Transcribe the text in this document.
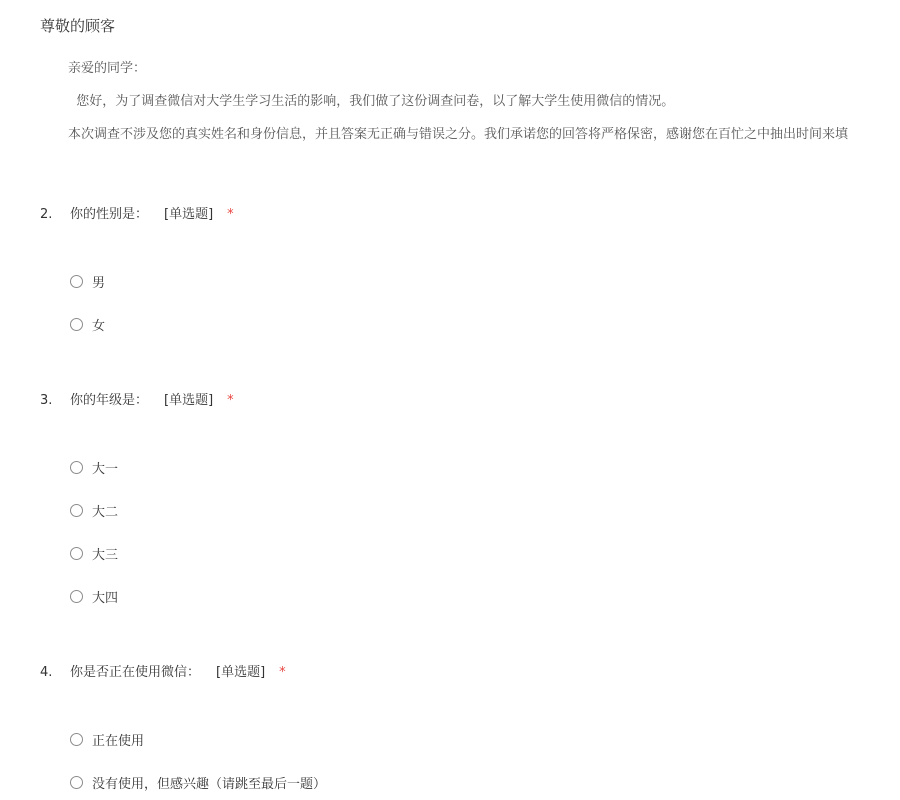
尊敬的顾客
亲爱的同学：
您好，为了调查微信对大学生学习生活的影响，我们做了这份调查问卷，以了解大学生使用微信的情况。
本次调查不涉及您的真实姓名和身份信息，并且答案无正确与错误之分。我们承诺您的回答将严格保密，感谢您在百忙之中抽出时间来填
2. 你的性别是： [单选题] *
男
女
3. 你的年级是： [单选题] *
大一
大二
大三
大四
4. 你是否正在使用微信： [单选题] *
正在使用
没有使用，但感兴趣（请跳至最后一题）
